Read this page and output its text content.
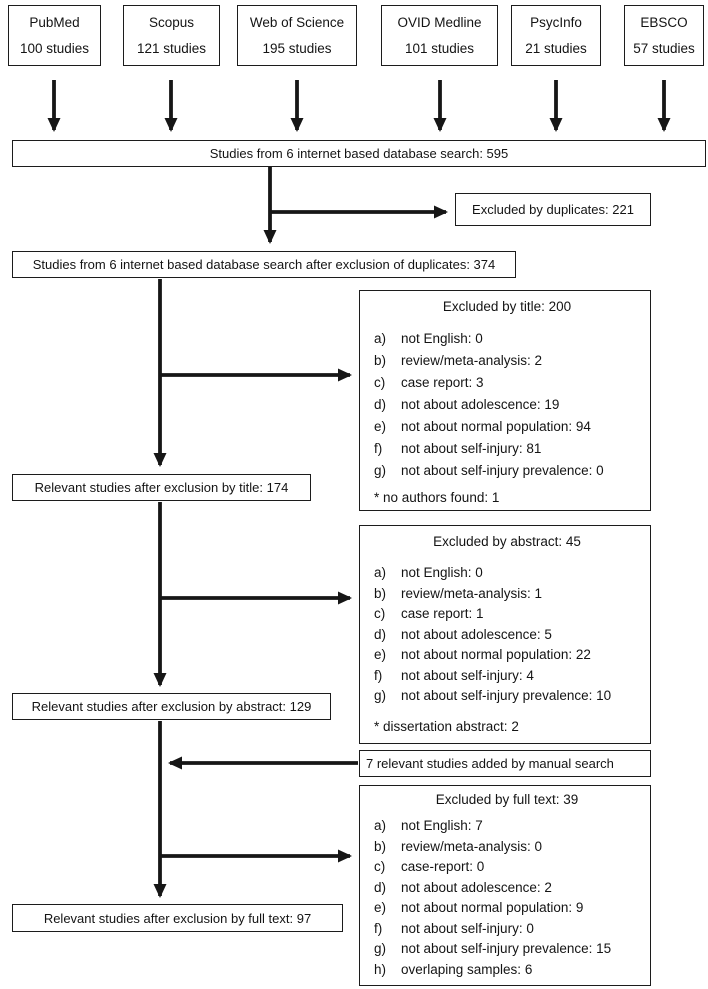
PubMed
100 studies
Scopus
121 studies
Web of Science
195 studies
OVID Medline
101 studies
PsycInfo
21 studies
EBSCO
57 studies
Studies from 6 internet based database search: 595
Excluded by duplicates: 221
Studies from 6 internet based database search after exclusion of duplicates: 374
Excluded by title: 200
a)	not English: 0
b)	review/meta-analysis: 2
c)	case report: 3
d)	not about adolescence: 19
e)	not about normal population: 94
f)	not about self-injury: 81
g)	not about self-injury prevalence: 0
* no authors found: 1
Relevant studies after exclusion by title: 174
Excluded by abstract: 45
a)	not English: 0
b)	review/meta-analysis: 1
c)	case report: 1
d)	not about adolescence: 5
e)	not about normal population: 22
f)	not about self-injury: 4
g)	not about self-injury prevalence: 10
* dissertation abstract: 2
Relevant studies after exclusion by abstract: 129
7 relevant studies added by manual search
Excluded by full text: 39
a)	not English: 7
b)	review/meta-analysis: 0
c)	case-report: 0
d)	not about adolescence: 2
e)	not about normal population: 9
f)	not about self-injury: 0
g)	not about self-injury prevalence: 15
h)	overlaping samples: 6
Relevant studies after exclusion by full text: 97
